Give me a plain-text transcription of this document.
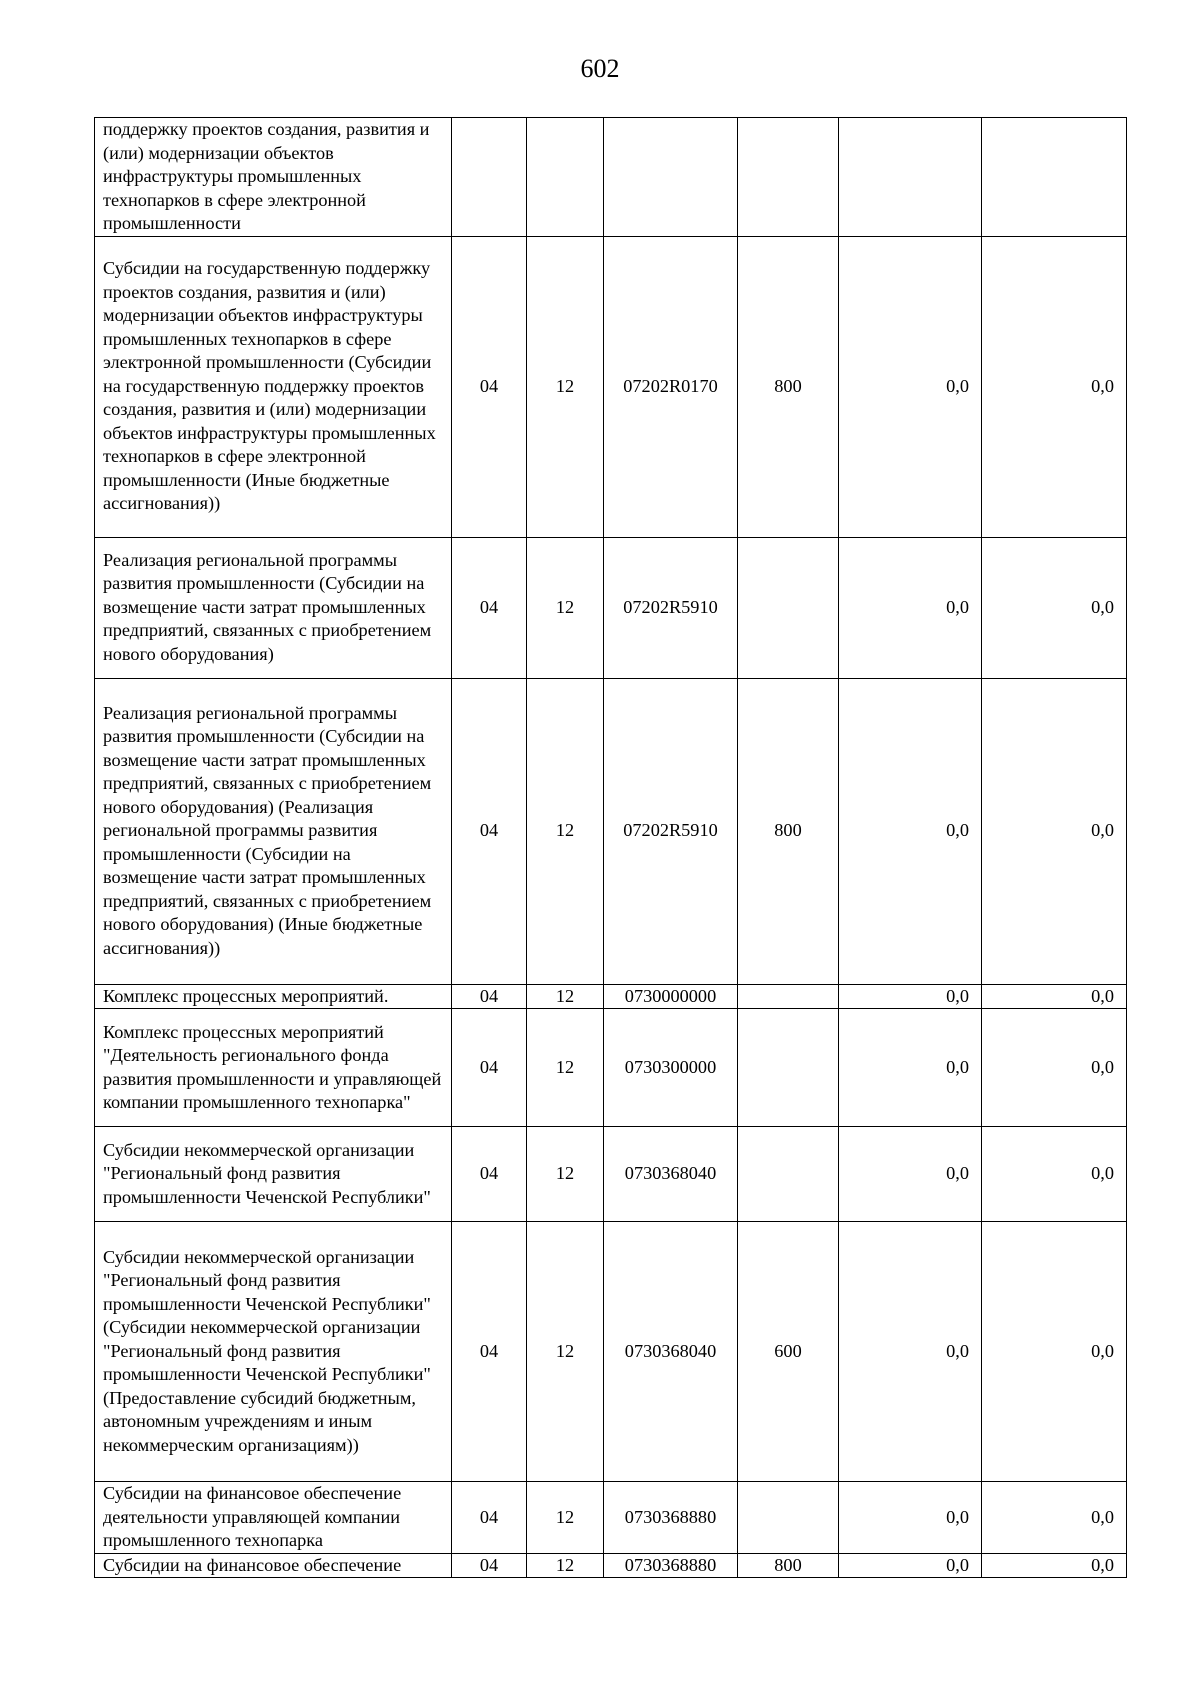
602
поддержку проектов создания, развития и (или) модернизации объектов инфраструктуры промышленных технопарков в сфере электронной промышленности						
Субсидии на государственную поддержку проектов создания, развития и (или) модернизации объектов инфраструктуры промышленных технопарков в сфере электронной промышленности (Субсидии на государственную поддержку проектов создания, развития и (или) модернизации объектов инфраструктуры промышленных технопарков в сфере электронной промышленности (Иные бюджетные ассигнования))	04	12	07202R0170	800	0,0	0,0
Реализация региональной программы развития промышленности (Субсидии на возмещение части затрат промышленных предприятий, связанных с приобретением нового оборудования)	04	12	07202R5910		0,0	0,0
Реализация региональной программы развития промышленности (Субсидии на возмещение части затрат промышленных предприятий, связанных с приобретением нового оборудования) (Реализация региональной программы развития промышленности (Субсидии на возмещение части затрат промышленных предприятий, связанных с приобретением нового оборудования) (Иные бюджетные ассигнования))	04	12	07202R5910	800	0,0	0,0
Комплекс процессных мероприятий.	04	12	0730000000		0,0	0,0
Комплекс процессных мероприятий "Деятельность регионального фонда развития промышленности и управляющей компании промышленного технопарка"	04	12	0730300000		0,0	0,0
Субсидии некоммерческой организации "Региональный фонд развития промышленности Чеченской Республики"	04	12	0730368040		0,0	0,0
Субсидии некоммерческой организации "Региональный фонд развития промышленности Чеченской Республики" (Субсидии некоммерческой организации "Региональный фонд развития промышленности Чеченской Республики" (Предоставление субсидий бюджетным, автономным учреждениям и иным некоммерческим организациям))	04	12	0730368040	600	0,0	0,0
Субсидии на финансовое обеспечение деятельности управляющей компании промышленного технопарка	04	12	0730368880		0,0	0,0
Субсидии на финансовое обеспечение	04	12	0730368880	800	0,0	0,0
